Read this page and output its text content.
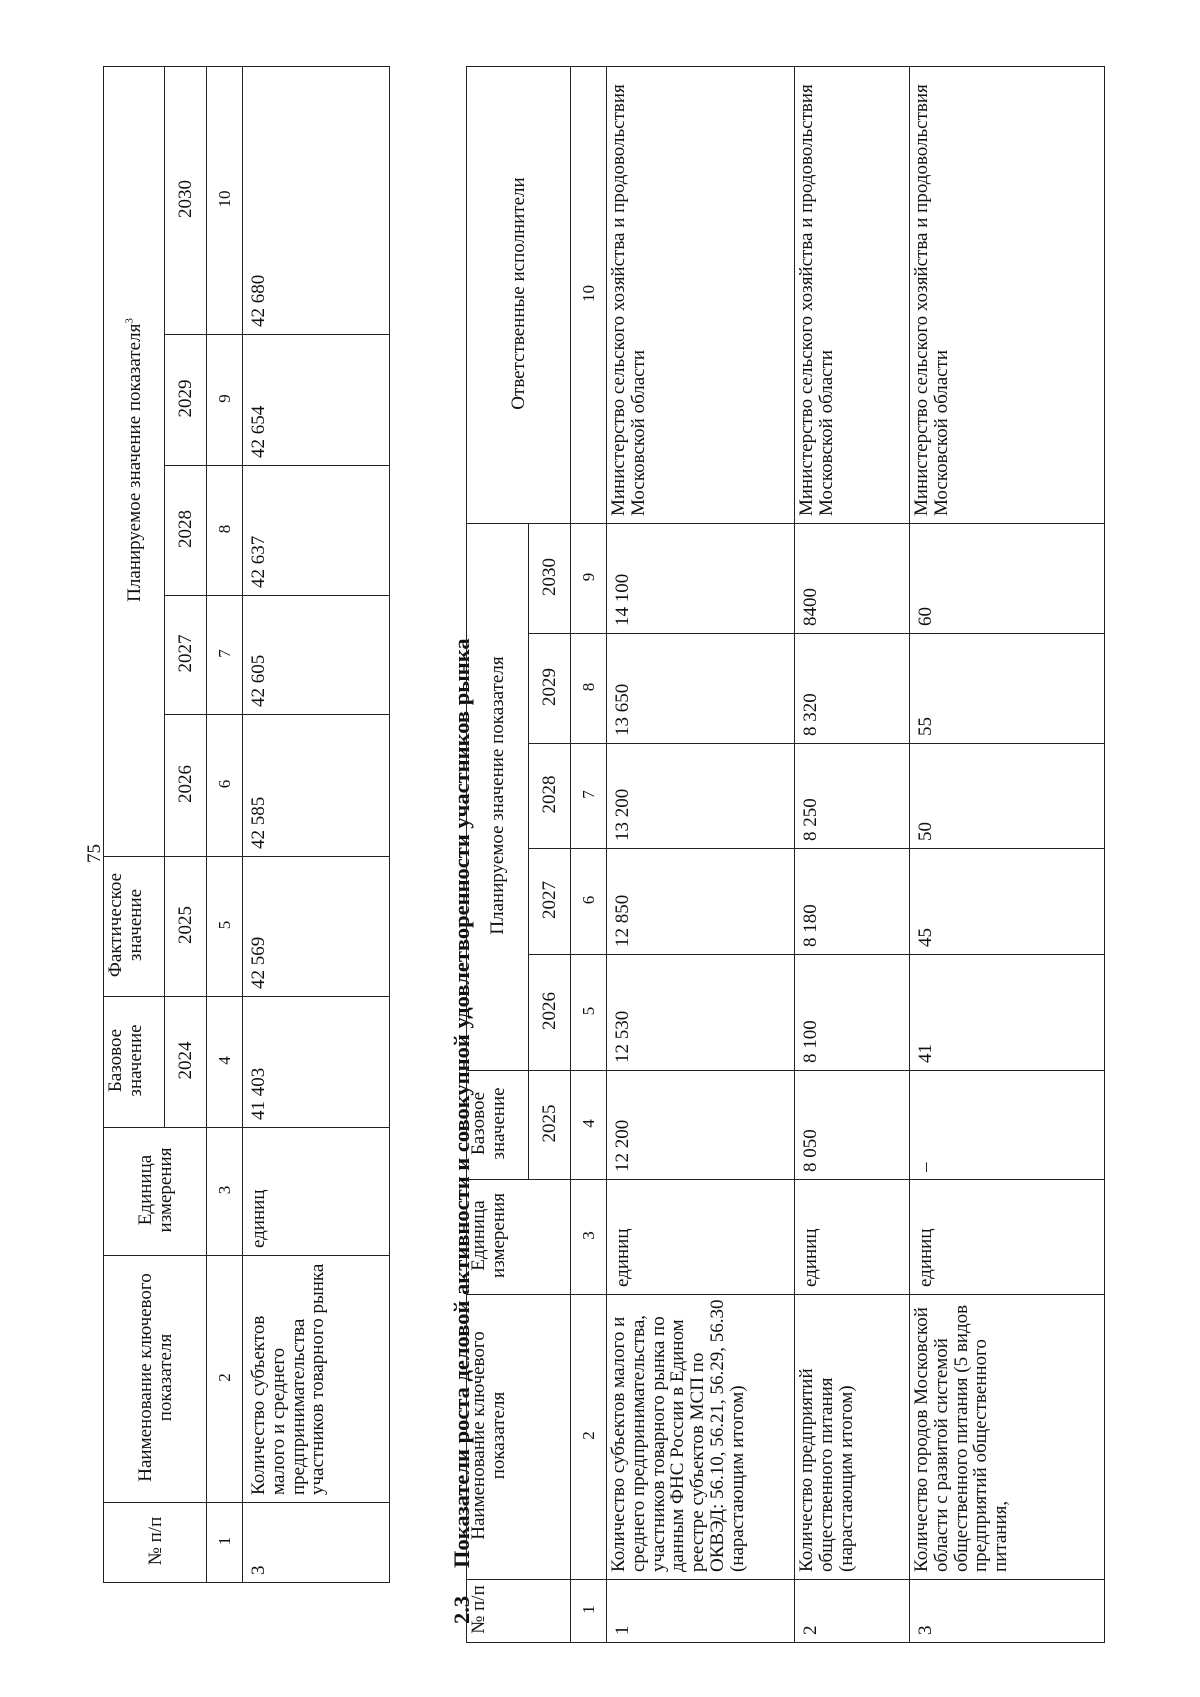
75
№ п/п	Наименование ключевого показателя	Единица измерения	Базовое значение	Фактическое значение	Планируемое значение показателя$^3$
			2024	2025	2026	2027	2028	2029	2030
1	2	3	4	5	6	7	8	9	10
3	Количество субъектов малого и среднего предпринимательства участников товарного рынка	единиц	41 403	42 569	42 585	42 605	42 637	42 654	42 680
2.3Показатели роста деловой активности и совокупной удовлетворенности участников рынка
№ п/п	Наименование ключевого показателя	Единица измерения	Базовое значение	Планируемое значение показателя					Ответственные исполнители
			2025	2026	2027	2028	2029	2030	
1	2	3	4	5	6	7	8	9	10
1	Количество субъектов малого и среднего предпринимательства, участников товарного рынка по данным ФНС России в Едином реестре субъектов МСП по ОКВЭД: 56.10, 56.21, 56.29, 56.30 (нарастающим итогом)	единиц	12 200	12 530	12 850	13 200	13 650	14 100	Министерство сельского хозяйства и продовольствия Московской области
2	Количество предприятий общественного питания (нарастающим итогом)	единиц	8 050	8 100	8 180	8 250	8 320	8400	Министерство сельского хозяйства и продовольствия Московской области
3	Количество городов Московской области с развитой системой общественного питания (5 видов предприятий общественного питания,	единиц	–	41	45	50	55	60	Министерство сельского хозяйства и продовольствия Московской области
